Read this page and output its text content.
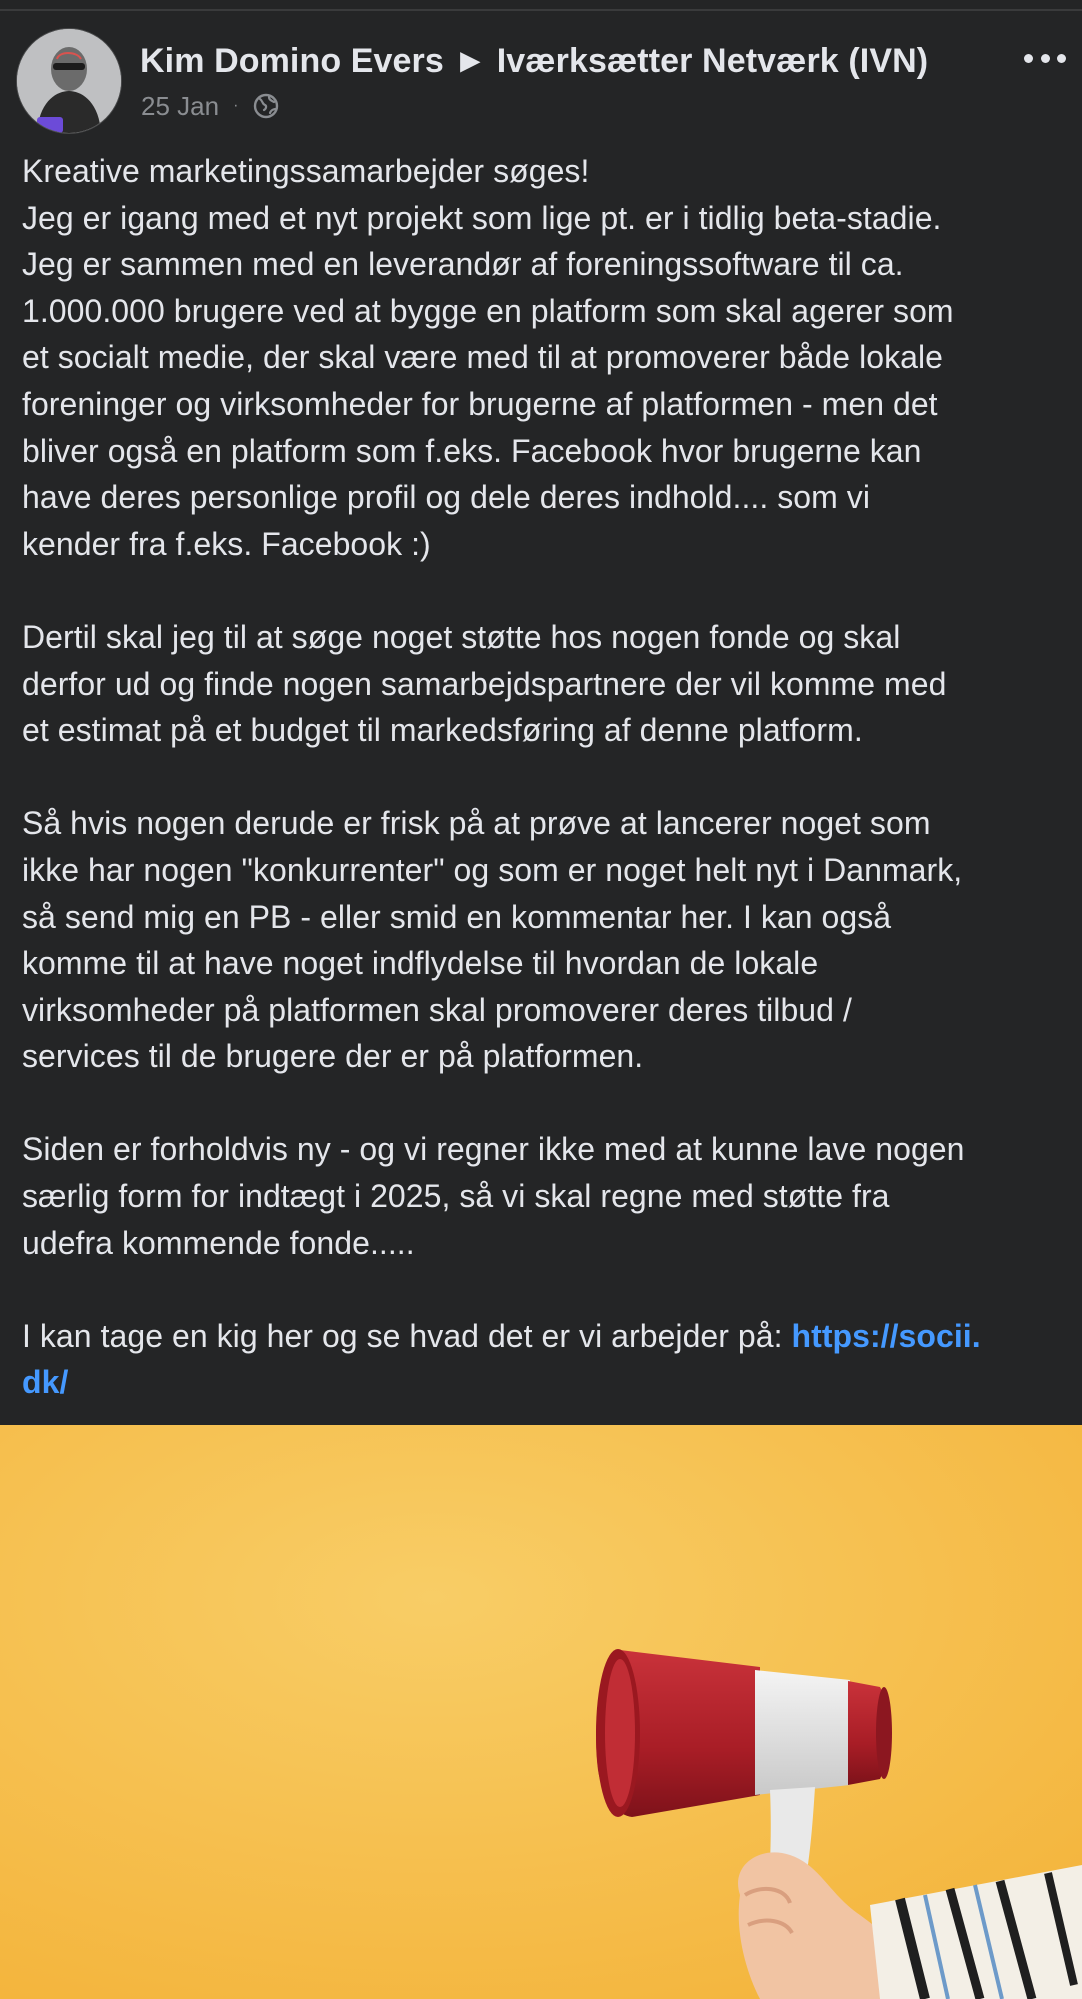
Kim Domino Evers ► Iværksætter Netværk (IVN)
25 Jan ·

Kreative marketingssamarbejder søges!
Jeg er igang med et nyt projekt som lige pt. er i tidlig beta-stadie.
Jeg er sammen med en leverandør af foreningssoftware til ca.
1.000.000 brugere ved at bygge en platform som skal agerer som
et socialt medie, der skal være med til at promoverer både lokale
foreninger og virksomheder for brugerne af platformen - men det
bliver også en platform som f.eks. Facebook hvor brugerne kan
have deres personlige profil og dele deres indhold.... som vi
kender fra f.eks. Facebook :)

Dertil skal jeg til at søge noget støtte hos nogen fonde og skal
derfor ud og finde nogen samarbejdspartnere der vil komme med
et estimat på et budget til markedsføring af denne platform.

Så hvis nogen derude er frisk på at prøve at lancerer noget som
ikke har nogen "konkurrenter" og som er noget helt nyt i Danmark,
så send mig en PB - eller smid en kommentar her. I kan også
komme til at have noget indflydelse til hvordan de lokale
virksomheder på platformen skal promoverer deres tilbud /
services til de brugere der er på platformen.

Siden er forholdvis ny - og vi regner ikke med at kunne lave nogen
særlig form for indtægt i 2025, så vi skal regne med støtte fra
udefra kommende fonde.....

I kan tage en kig her og se hvad det er vi arbejder på: https://socii.
dk/
